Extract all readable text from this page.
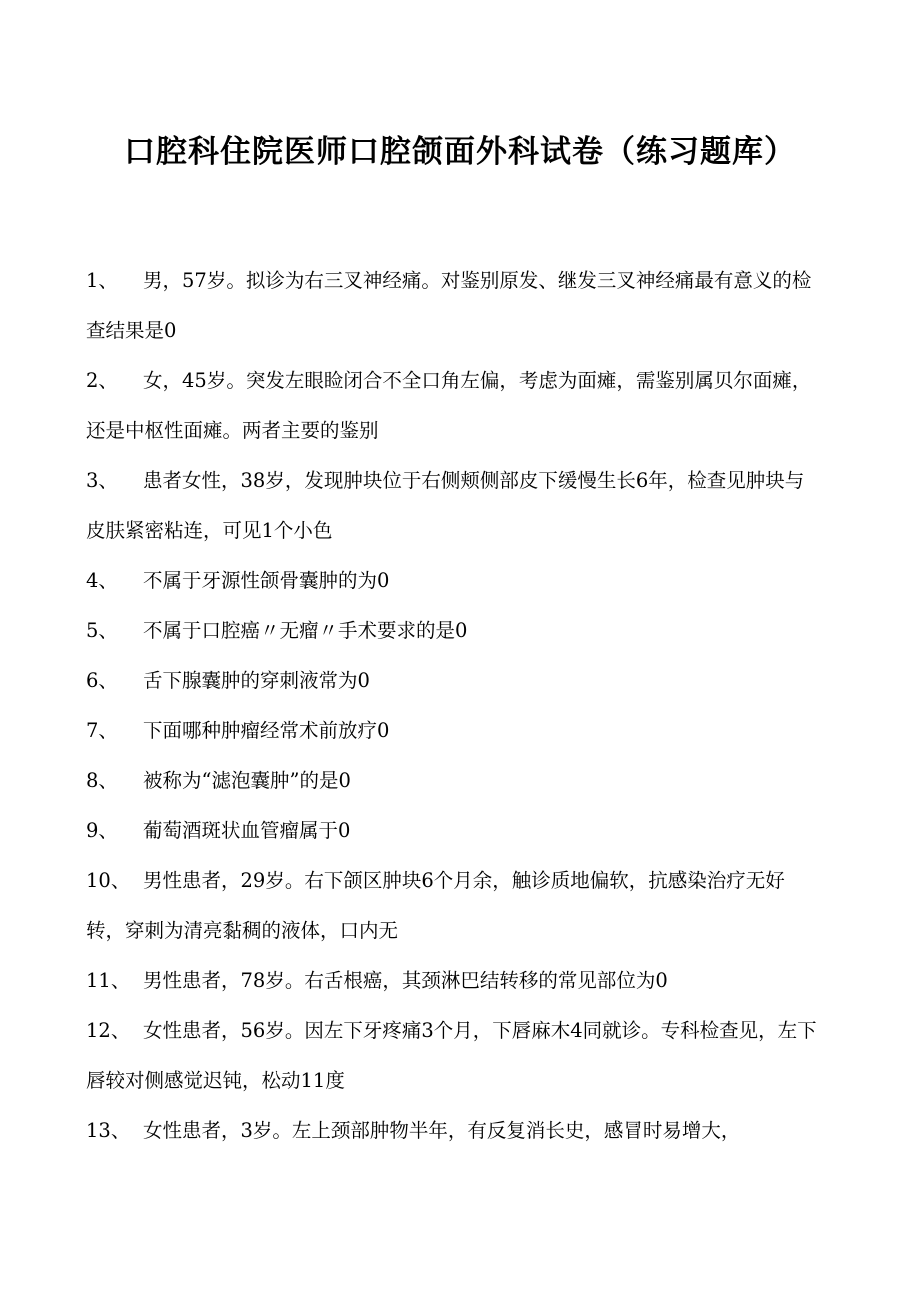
口腔科住院医师口腔颌面外科试卷（练习题库）

1、 男，57岁。拟诊为右三叉神经痛。对鉴别原发、继发三叉神经痛最有意义的检查结果是0

2、 女，45岁。突发左眼睑闭合不全口角左偏，考虑为面瘫，需鉴别属贝尔面瘫，还是中枢性面瘫。两者主要的鉴别

3、 患者女性，38岁，发现肿块位于右侧颊侧部皮下缓慢生长6年，检查见肿块与皮肤紧密粘连，可见1个小色

4、 不属于牙源性颌骨囊肿的为0

5、 不属于口腔癌〃无瘤〃手术要求的是0

6、 舌下腺囊肿的穿刺液常为0

7、 下面哪种肿瘤经常术前放疗0

8、 被称为“滤泡囊肿”的是0

9、 葡萄酒斑状血管瘤属于0

10、 男性患者，29岁。右下颌区肿块6个月余，触诊质地偏软，抗感染治疗无好转，穿刺为清亮黏稠的液体，口内无

11、 男性患者，78岁。右舌根癌，其颈淋巴结转移的常见部位为0

12、 女性患者，56岁。因左下牙疼痛3个月，下唇麻木4同就诊。专科检查见，左下唇较对侧感觉迟钝，松动11度

13、 女性患者，3岁。左上颈部肿物半年，有反复消长史，感冒时易增大，
